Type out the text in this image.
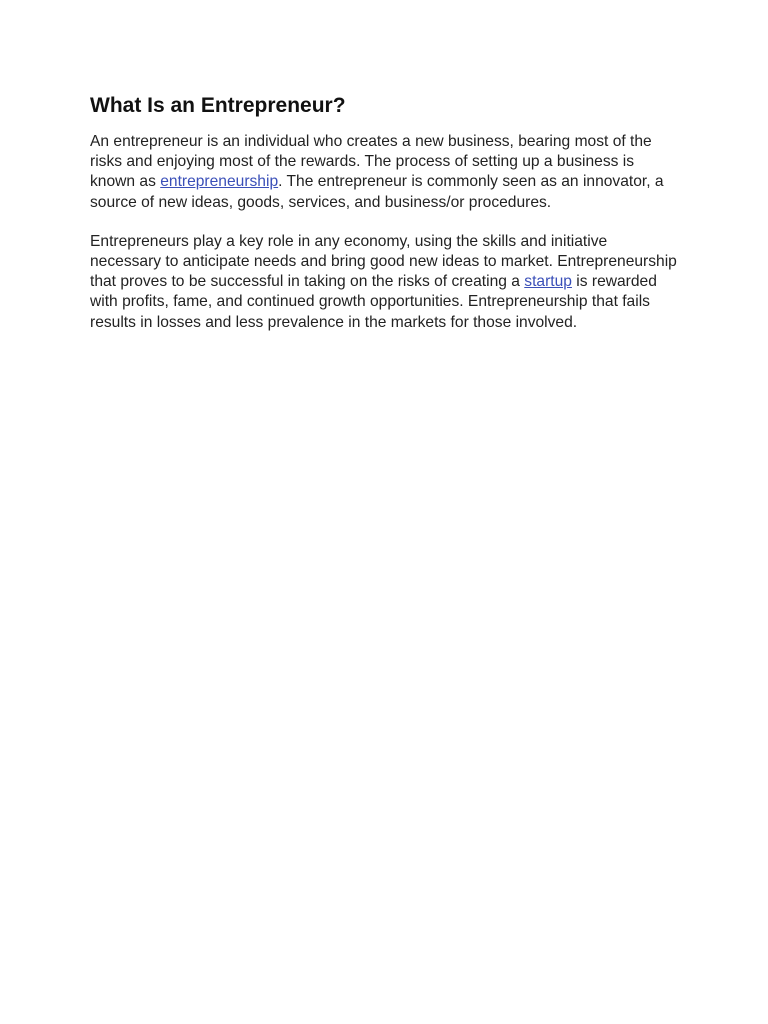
What Is an Entrepreneur?

An entrepreneur is an individual who creates a new business, bearing most of the risks and enjoying most of the rewards. The process of setting up a business is known as entrepreneurship. The entrepreneur is commonly seen as an innovator, a source of new ideas, goods, services, and business/or procedures.

Entrepreneurs play a key role in any economy, using the skills and initiative necessary to anticipate needs and bring good new ideas to market. Entrepreneurship that proves to be successful in taking on the risks of creating a startup is rewarded with profits, fame, and continued growth opportunities. Entrepreneurship that fails results in losses and less prevalence in the markets for those involved.
